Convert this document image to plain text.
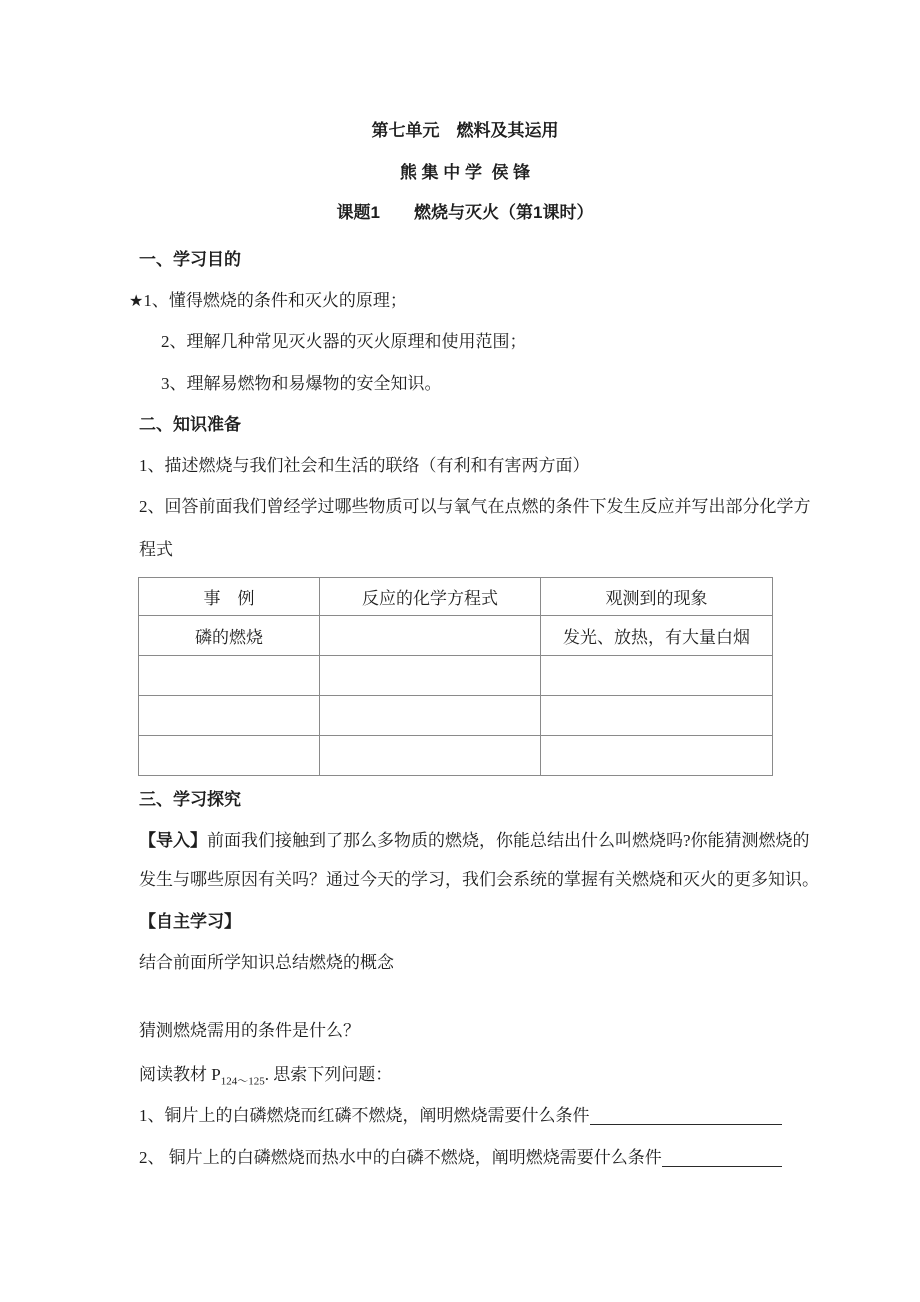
第七单元　燃料及其运用
熊 集 中 学  侯 锋
课题1　　燃烧与灭火（第1课时）
一、学习目的
★1、懂得燃烧的条件和灭火的原理；
2、理解几种常见灭火器的灭火原理和使用范围；
3、理解易燃物和易爆物的安全知识。
二、知识准备
1、描述燃烧与我们社会和生活的联络（有利和有害两方面）
2、回答前面我们曾经学过哪些物质可以与氧气在点燃的条件下发生反应并写出部分化学方
程式
事　例	反应的化学方程式	观测到的现象
磷的燃烧		发光、放热，有大量白烟

三、学习探究
【导入】前面我们接触到了那么多物质的燃烧，你能总结出什么叫燃烧吗?你能猜测燃烧的
发生与哪些原因有关吗？通过今天的学习，我们会系统的掌握有关燃烧和灭火的更多知识。
【自主学习】
结合前面所学知识总结燃烧的概念
猜测燃烧需用的条件是什么？
阅读教材 $P_{124\sim 125}$. 思索下列问题：
1、铜片上的白磷燃烧而红磷不燃烧，阐明燃烧需要什么条件
2、 铜片上的白磷燃烧而热水中的白磷不燃烧，阐明燃烧需要什么条件
